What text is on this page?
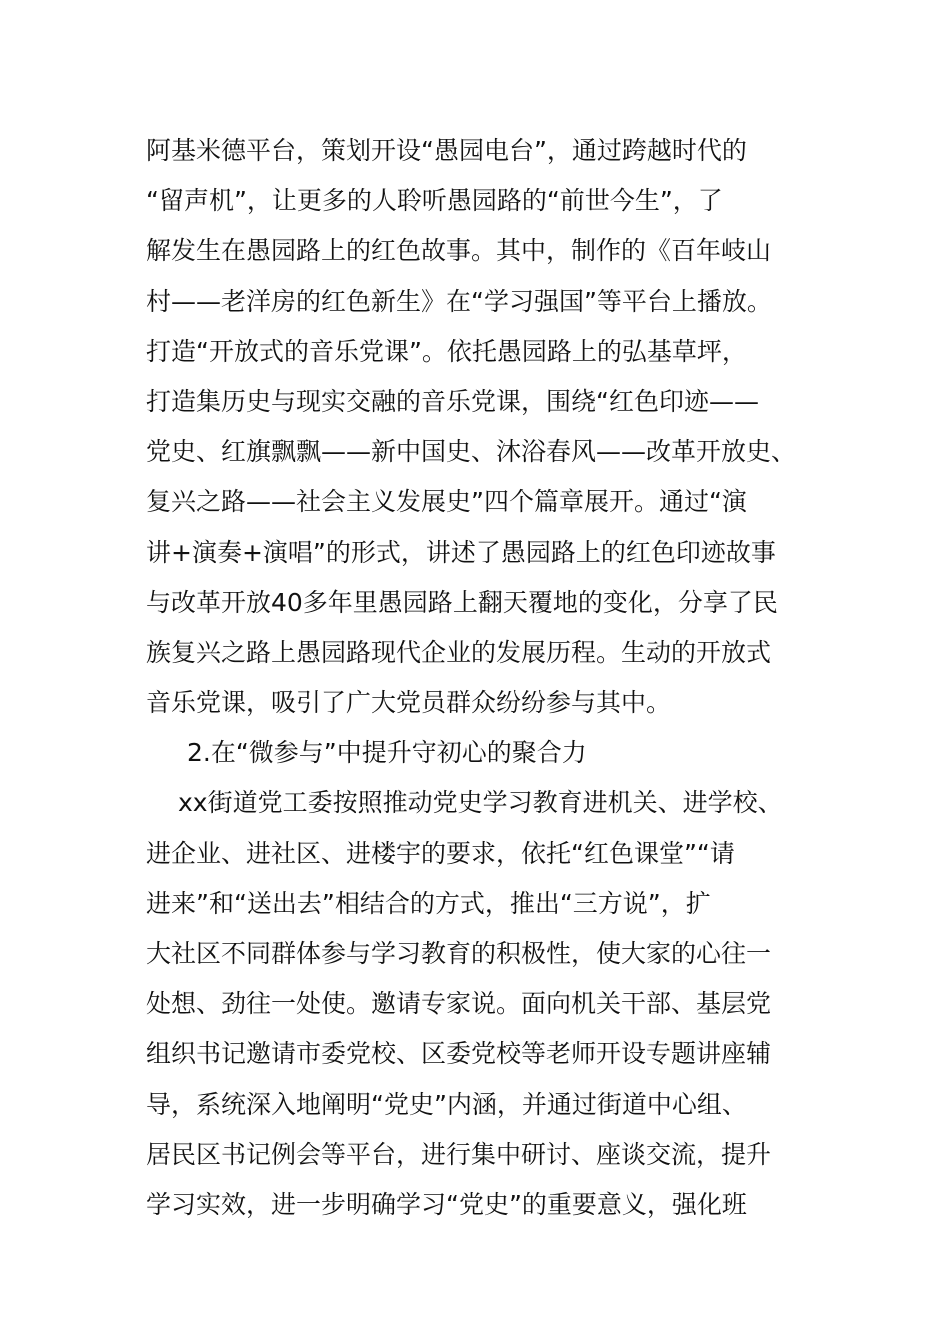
阿基米德平台，策划开设“愚园电台”，通过跨越时代的
“留声机”，让更多的人聆听愚园路的“前世今生”，了
解发生在愚园路上的红色故事。其中，制作的《百年岐山
村——老洋房的红色新生》在“学习强国”等平台上播放。
打造“开放式的音乐党课”。依托愚园路上的弘基草坪，
打造集历史与现实交融的音乐党课，围绕“红色印迹——
党史、红旗飘飘——新中国史、沐浴春风——改革开放史、
复兴之路——社会主义发展史”四个篇章展开。通过“演
讲+演奏+演唱”的形式，讲述了愚园路上的红色印迹故事
与改革开放40多年里愚园路上翻天覆地的变化，分享了民
族复兴之路上愚园路现代企业的发展历程。生动的开放式
音乐党课，吸引了广大党员群众纷纷参与其中。
2.在“微参与”中提升守初心的聚合力
xx街道党工委按照推动党史学习教育进机关、进学校、
进企业、进社区、进楼宇的要求，依托“红色课堂”“请
进来”和“送出去”相结合的方式，推出“三方说”，扩
大社区不同群体参与学习教育的积极性，使大家的心往一
处想、劲往一处使。邀请专家说。面向机关干部、基层党
组织书记邀请市委党校、区委党校等老师开设专题讲座辅
导，系统深入地阐明“党史”内涵，并通过街道中心组、
居民区书记例会等平台，进行集中研讨、座谈交流，提升
学习实效，进一步明确学习“党史”的重要意义，强化班
